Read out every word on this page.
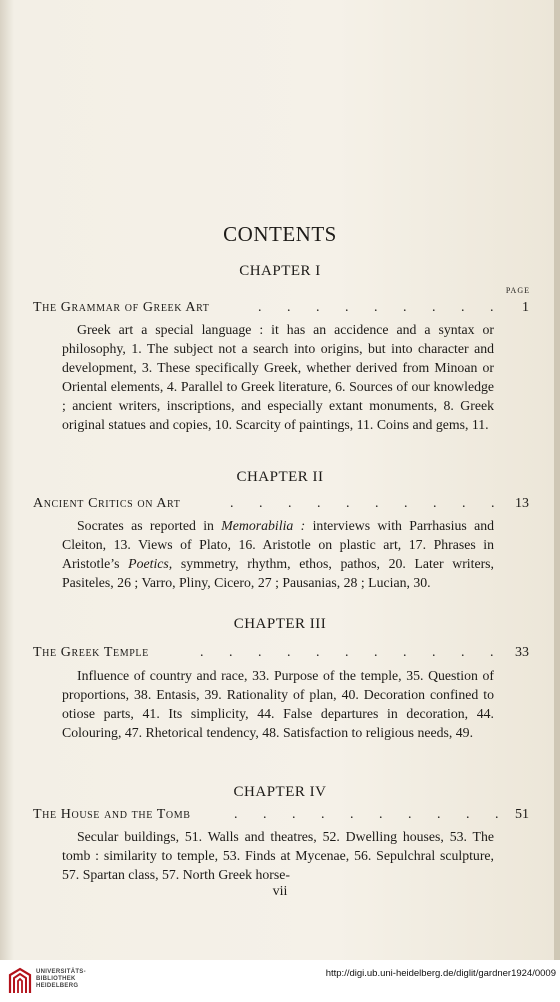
CONTENTS
CHAPTER I
PAGE
The Grammar of Greek Art	. . . . . . . . . 1
Greek art a special language : it has an accidence and a syntax or philosophy, 1. The subject not a search into origins, but into character and development, 3. These specifically Greek, whether derived from Minoan or Oriental elements, 4. Parallel to Greek literature, 6. Sources of our knowledge ; ancient writers, inscriptions, and especially extant monuments, 8. Greek original statues and copies, 10. Scarcity of paintings, 11. Coins and gems, 11.
CHAPTER II
Ancient Critics on Art	. . . . . . . . . . 13
Socrates as reported in Memorabilia : interviews with Parrhasius and Cleiton, 13. Views of Plato, 16. Aristotle on plastic art, 17. Phrases in Aristotle’s Poetics, symmetry, rhythm, ethos, pathos, 20. Later writers, Pasiteles, 26 ; Varro, Pliny, Cicero, 27 ; Pausanias, 28 ; Lucian, 30.
CHAPTER III
The Greek Temple	. . . . . . . . . . . 33
Influence of country and race, 33. Purpose of the temple, 35. Question of proportions, 38. Entasis, 39. Rationality of plan, 40. Decoration confined to otiose parts, 41. Its simplicity, 44. False departures in decoration, 44. Colouring, 47. Rhetorical tendency, 48. Satisfaction to religious needs, 49.
CHAPTER IV
The House and the Tomb	. . . . . . . . . . 51
Secular buildings, 51. Walls and theatres, 52. Dwelling houses, 53. The tomb : similarity to temple, 53. Finds at Mycenae, 56. Sepulchral sculpture, 57. Spartan class, 57. North Greek horse-
vii
UNIVERSITÄTS-
BIBLIOTHEK
HEIDELBERG
http://digi.ub.uni-heidelberg.de/diglit/gardner1924/0009
